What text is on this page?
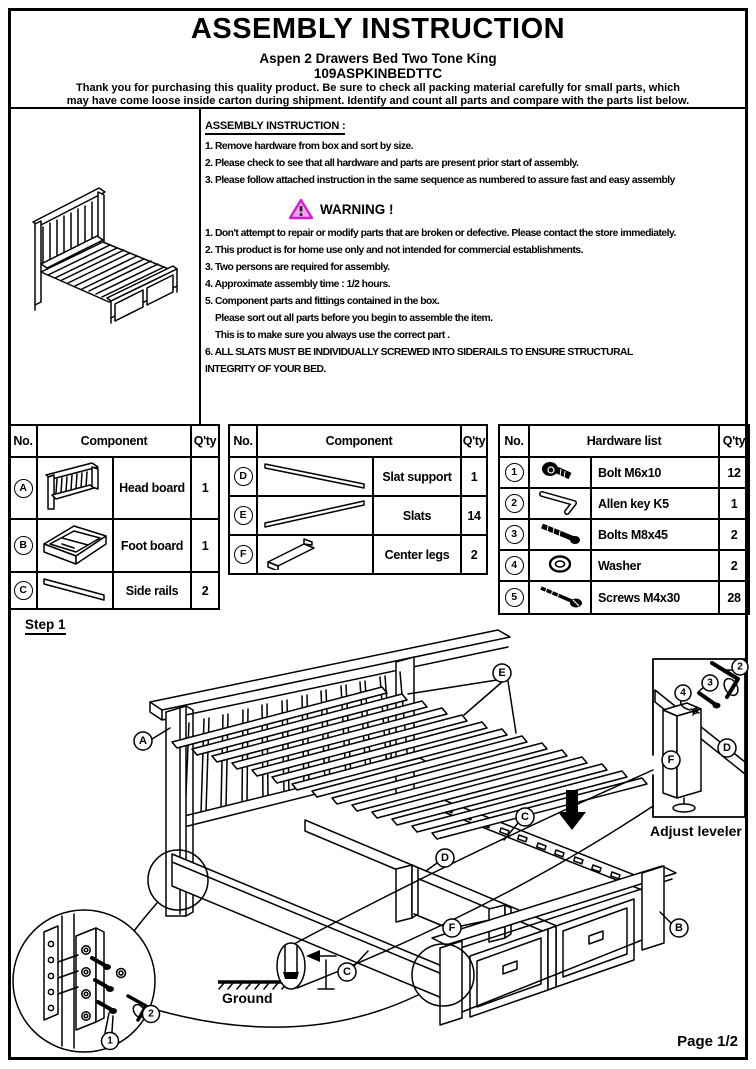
ASSEMBLY INSTRUCTION
Aspen 2 Drawers Bed Two Tone King
109ASPKINBEDTTC
Thank you for purchasing this quality product. Be sure to check all packing material carefully for small parts, which
may have come loose inside carton during shipment. Identify and count all parts and compare with the parts list below.
ASSEMBLY INSTRUCTION :
1. Remove hardware from box and sort by size.
2. Please check to see that all hardware and parts are present prior start of assembly.
3. Please follow attached instruction in the same sequence as numbered to assure fast and easy assembly
WARNING !
1. Don't attempt to repair or modify parts that are broken or defective. Please contact the store immediately.
2. This product is for home use only and not intended for commercial establishments.
3. Two persons are required for assembly.
4. Approximate assembly time : 1/2 hours.
5. Component parts and fittings contained in the box.
Please sort out all parts before you begin to assemble the item.
This is to make sure you always use the correct part .
6. ALL SLATS MUST BE INDIVIDUALLY SCREWED INTO SIDERAILS TO ENSURE STRUCTURAL
INTEGRITY OF YOUR BED.
No.	Component		Q'ty
A		Head board	1
B		Foot board	1
C		Side rails	2
No.	Component		Q'ty
D		Slat support	1
E		Slats	14
F		Center legs	2
No.	Hardware list		Q'ty
1		Bolt M6x10	12
2		Allen key K5	1
3		Bolts M8x45	2
4		Washer	2
5		Screws M4x30	28
Step 1
Ground
A
E
C
D
F	B
C
D
F
2
3
4
1
2
Adjust leveler
Page 1/2
